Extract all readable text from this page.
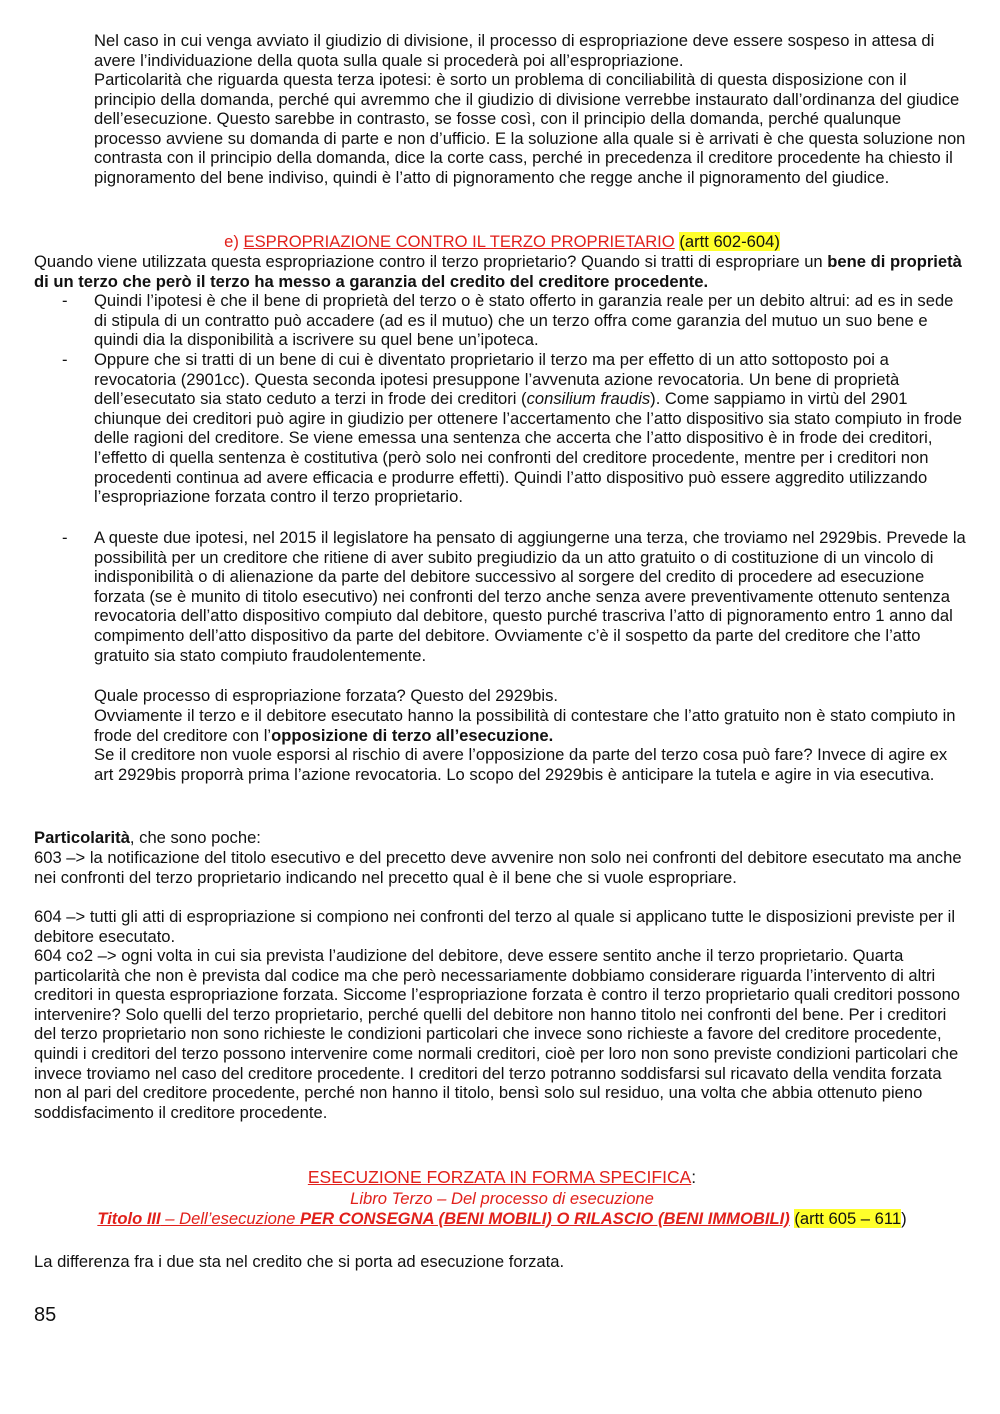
Nel caso in cui venga avviato il giudizio di divisione, il processo di espropriazione deve essere sospeso in attesa di avere l’individuazione della quota sulla quale si procederà poi all’espropriazione.

Particolarità che riguarda questa terza ipotesi: è sorto un problema di conciliabilità di questa disposizione con il principio della domanda, perché qui avremmo che il giudizio di divisione verrebbe instaurato dall’ordinanza del giudice dell’esecuzione. Questo sarebbe in contrasto, se fosse così, con il principio della domanda, perché qualunque processo avviene su domanda di parte e non d’ufficio. E la soluzione alla quale si è arrivati è che questa soluzione non contrasta con il principio della domanda, dice la corte cass, perché in precedenza il creditore procedente ha chiesto il pignoramento del bene indiviso, quindi è l’atto di pignoramento che regge anche il pignoramento del giudice.

e) ESPROPRIAZIONE CONTRO IL TERZO PROPRIETARIO (artt 602-604)

Quando viene utilizzata questa espropriazione contro il terzo proprietario? Quando si tratti di espropriare un bene di proprietà di un terzo che però il terzo ha messo a garanzia del credito del creditore procedente.

- Quindi l’ipotesi è che il bene di proprietà del terzo o è stato offerto in garanzia reale per un debito altrui: ad es in sede di stipula di un contratto può accadere (ad es il mutuo) che un terzo offra come garanzia del mutuo un suo bene e quindi dia la disponibilità a iscrivere su quel bene un’ipoteca.

- Oppure che si tratti di un bene di cui è diventato proprietario il terzo ma per effetto di un atto sottoposto poi a revocatoria (2901cc). Questa seconda ipotesi presuppone l’avvenuta azione revocatoria. Un bene di proprietà dell’esecutato sia stato ceduto a terzi in frode dei creditori (consilium fraudis). Come sappiamo in virtù del 2901 chiunque dei creditori può agire in giudizio per ottenere l’accertamento che l’atto dispositivo sia stato compiuto in frode delle ragioni del creditore. Se viene emessa una sentenza che accerta che l’atto dispositivo è in frode dei creditori, l’effetto di quella sentenza è costitutiva (però solo nei confronti del creditore procedente, mentre per i creditori non procedenti continua ad avere efficacia e produrre effetti). Quindi l’atto dispositivo può essere aggredito utilizzando l’espropriazione forzata contro il terzo proprietario.

- A queste due ipotesi, nel 2015 il legislatore ha pensato di aggiungerne una terza, che troviamo nel 2929bis. Prevede la possibilità per un creditore che ritiene di aver subito pregiudizio da un atto gratuito o di costituzione di un vincolo di indisponibilità o di alienazione da parte del debitore successivo al sorgere del credito di procedere ad esecuzione forzata (se è munito di titolo esecutivo) nei confronti del terzo anche senza avere preventivamente ottenuto sentenza revocatoria dell’atto dispositivo compiuto dal debitore, questo purché trascriva l’atto di pignoramento entro 1 anno dal compimento dell’atto dispositivo da parte del debitore. Ovviamente c’è il sospetto da parte del creditore che l’atto gratuito sia stato compiuto fraudolentemente.

Quale processo di espropriazione forzata? Questo del 2929bis.

Ovviamente il terzo e il debitore esecutato hanno la possibilità di contestare che l’atto gratuito non è stato compiuto in frode del creditore con l’opposizione di terzo all’esecuzione.

Se il creditore non vuole esporsi al rischio di avere l’opposizione da parte del terzo cosa può fare? Invece di agire ex art 2929bis proporrà prima l’azione revocatoria. Lo scopo del 2929bis è anticipare la tutela e agire in via esecutiva.

Particolarità, che sono poche:

603 –> la notificazione del titolo esecutivo e del precetto deve avvenire non solo nei confronti del debitore esecutato ma anche nei confronti del terzo proprietario indicando nel precetto qual è il bene che si vuole espropriare.

604 –> tutti gli atti di espropriazione si compiono nei confronti del terzo al quale si applicano tutte le disposizioni previste per il debitore esecutato.

604 co2 –> ogni volta in cui sia prevista l’audizione del debitore, deve essere sentito anche il terzo proprietario. Quarta particolarità che non è prevista dal codice ma che però necessariamente dobbiamo considerare riguarda l’intervento di altri creditori in questa espropriazione forzata. Siccome l’espropriazione forzata è contro il terzo proprietario quali creditori possono intervenire? Solo quelli del terzo proprietario, perché quelli del debitore non hanno titolo nei confronti del bene. Per i creditori del terzo proprietario non sono richieste le condizioni particolari che invece sono richieste a favore del creditore procedente, quindi i creditori del terzo possono intervenire come normali creditori, cioè per loro non sono previste condizioni particolari che invece troviamo nel caso del creditore procedente. I creditori del terzo potranno soddisfarsi sul ricavato della vendita forzata non al pari del creditore procedente, perché non hanno il titolo, bensì solo sul residuo, una volta che abbia ottenuto pieno soddisfacimento il creditore procedente.

ESECUZIONE FORZATA IN FORMA SPECIFICA:
Libro Terzo – Del processo di esecuzione
Titolo III – Dell’esecuzione PER CONSEGNA (BENI MOBILI) O RILASCIO (BENI IMMOBILI) (artt 605 – 611)

La differenza fra i due sta nel credito che si porta ad esecuzione forzata.

85
